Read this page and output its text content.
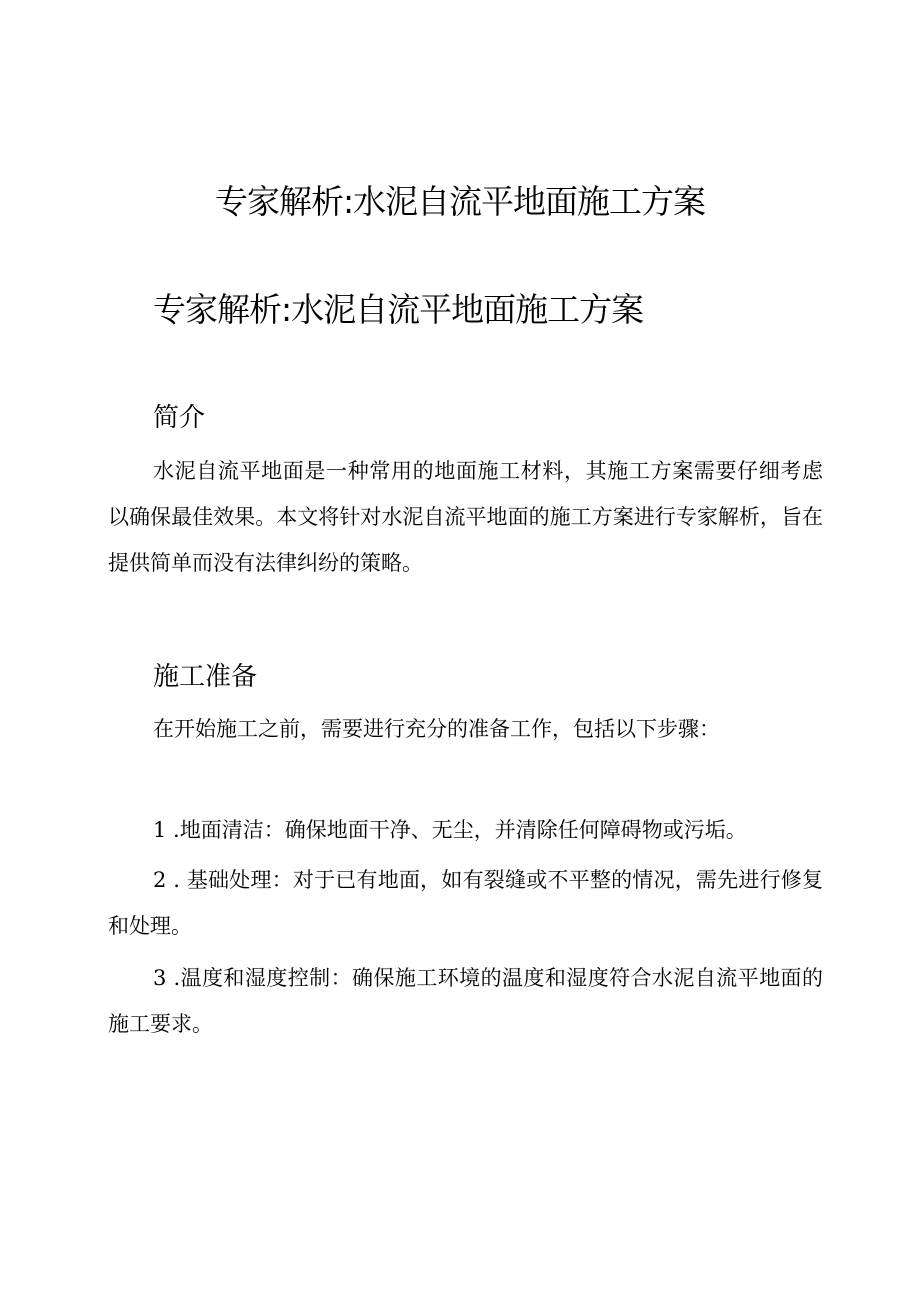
专家解析:水泥自流平地面施工方案
专家解析:水泥自流平地面施工方案
简介

水泥自流平地面是一种常用的地面施工材料，其施工方案需要仔细考虑以确保最佳效果。本文将针对水泥自流平地面的施工方案进行专家解析，旨在提供简单而没有法律纠纷的策略。

施工准备

在开始施工之前，需要进行充分的准备工作，包括以下步骤：

1 .地面清洁：确保地面干净、无尘，并清除任何障碍物或污垢。

2 . 基础处理：对于已有地面，如有裂缝或不平整的情况，需先进行修复和处理。

3 .温度和湿度控制：确保施工环境的温度和湿度符合水泥自流平地面的施工要求。
